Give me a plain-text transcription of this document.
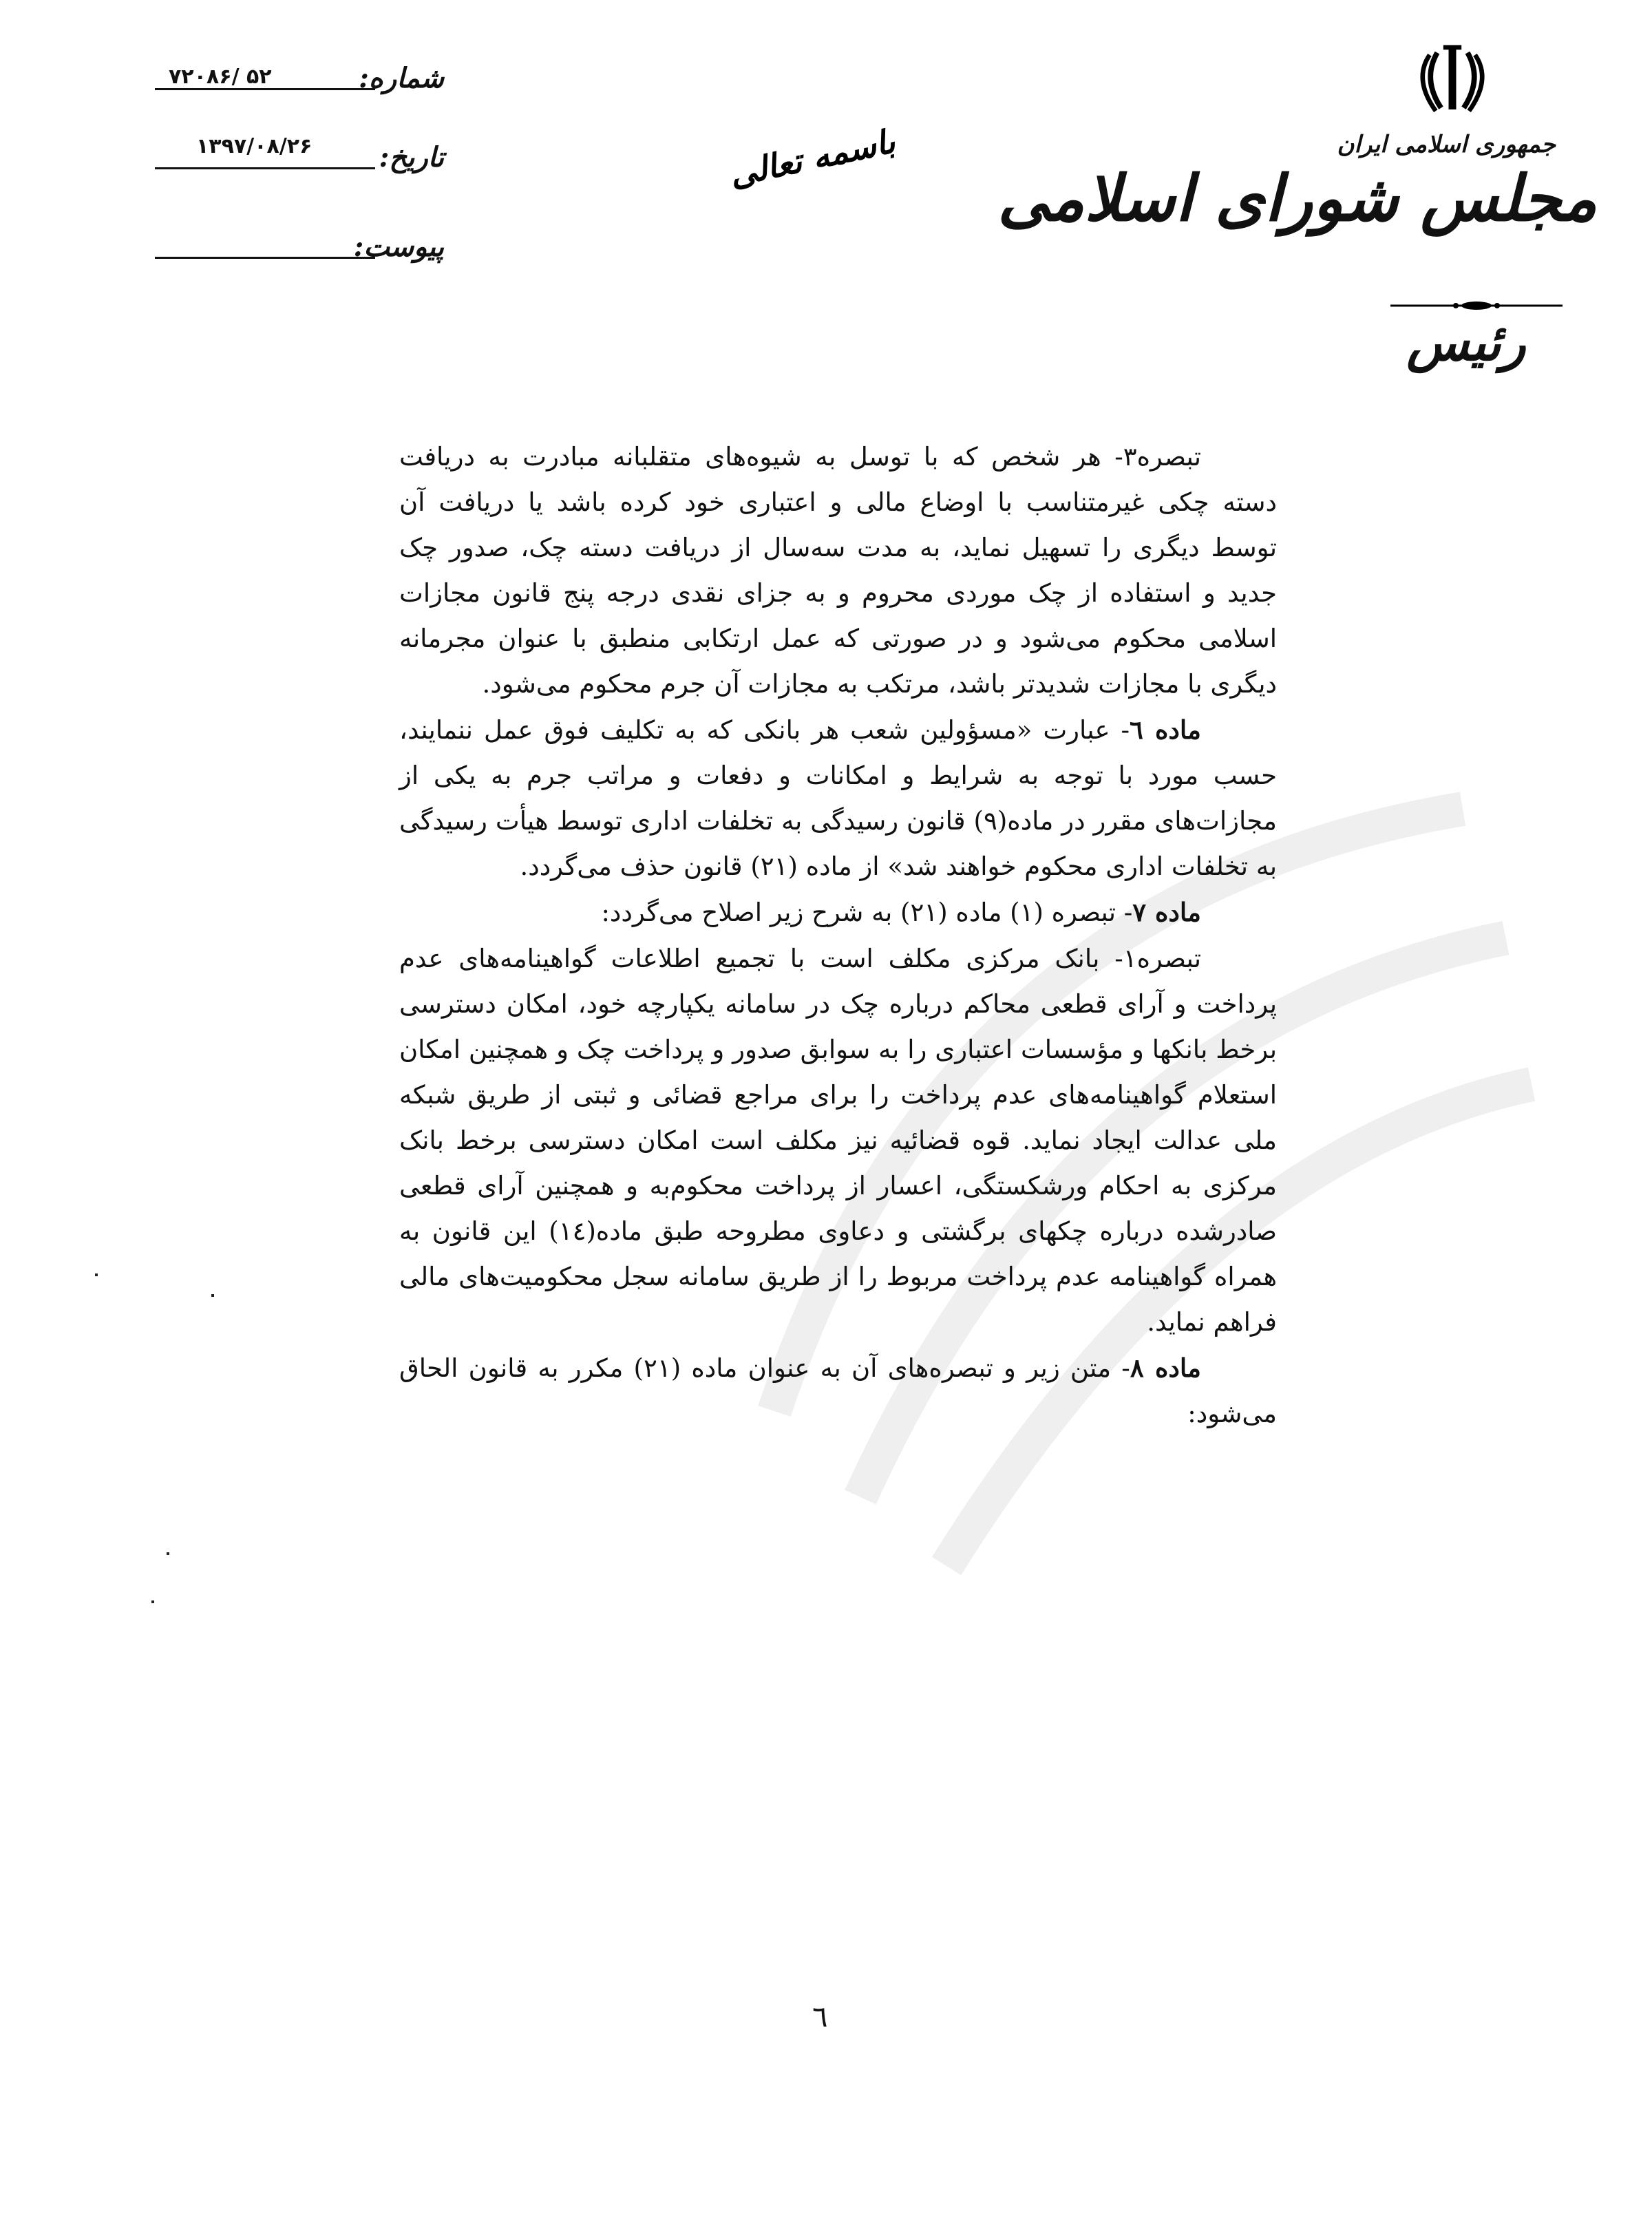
شماره:
۵۲ /۷۲۰۸۶
تاریخ:
۱۳۹۷/۰۸/۲۶
پیوست:
باسمه تعالی	جمهوری اسلامی ایران
مجلس شورای اسلامی
رئیس

تبصره۳- هر شخص که با توسل به شیوه‌های متقلبانه مبادرت به دریافت دسته چکی غیرمتناسب با اوضاع مالی و اعتباری خود کرده باشد یا دریافت آن توسط دیگری را تسهیل نماید، به مدت سه‌سال از دریافت دسته چک، صدور چک جدید و استفاده از چک موردی محروم و به جزای نقدی درجه پنج قانون مجازات اسلامی محکوم می‌شود و در صورتی که عمل ارتکابی منطبق با عنوان مجرمانه دیگری با مجازات شدیدتر باشد، مرتکب به مجازات آن جرم محکوم می‌شود.

ماده ٦- عبارت «مسؤولین شعب هر بانکی که به تکلیف فوق عمل ننمایند، حسب مورد با توجه به شرایط و امکانات و دفعات و مراتب جرم به یکی از مجازات‌های مقرر در ماده(۹) قانون رسیدگی به تخلفات اداری توسط هیأت رسیدگی به تخلفات اداری محکوم خواهند شد» از ماده (۲۱) قانون حذف می‌گردد.

ماده ۷- تبصره (۱) ماده (۲۱) به شرح زیر اصلاح می‌گردد:

تبصره۱- بانک مرکزی مکلف است با تجمیع اطلاعات گواهینامه‌های عدم پرداخت و آرای قطعی محاکم درباره چک در سامانه یکپارچه خود، امکان دسترسی برخط بانکها و مؤسسات اعتباری را به سوابق صدور و پرداخت چک و همچنین امکان استعلام گواهینامه‌های عدم پرداخت را برای مراجع قضائی و ثبتی از طریق شبکه ملی عدالت ایجاد نماید. قوه قضائیه نیز مکلف است امکان دسترسی برخط بانک مرکزی به احکام ورشکستگی، اعسار از پرداخت محکوم‌به و همچنین آرای قطعی صادرشده درباره چکهای برگشتی و دعاوی مطروحه طبق ماده(١٤) این قانون به همراه گواهینامه عدم پرداخت مربوط را از طریق سامانه سجل محکومیت‌های مالی فراهم نماید.

ماده ۸- متن زیر و تبصره‌های آن به عنوان ماده (۲۱) مکرر به قانون الحاق می‌شود:

٦
